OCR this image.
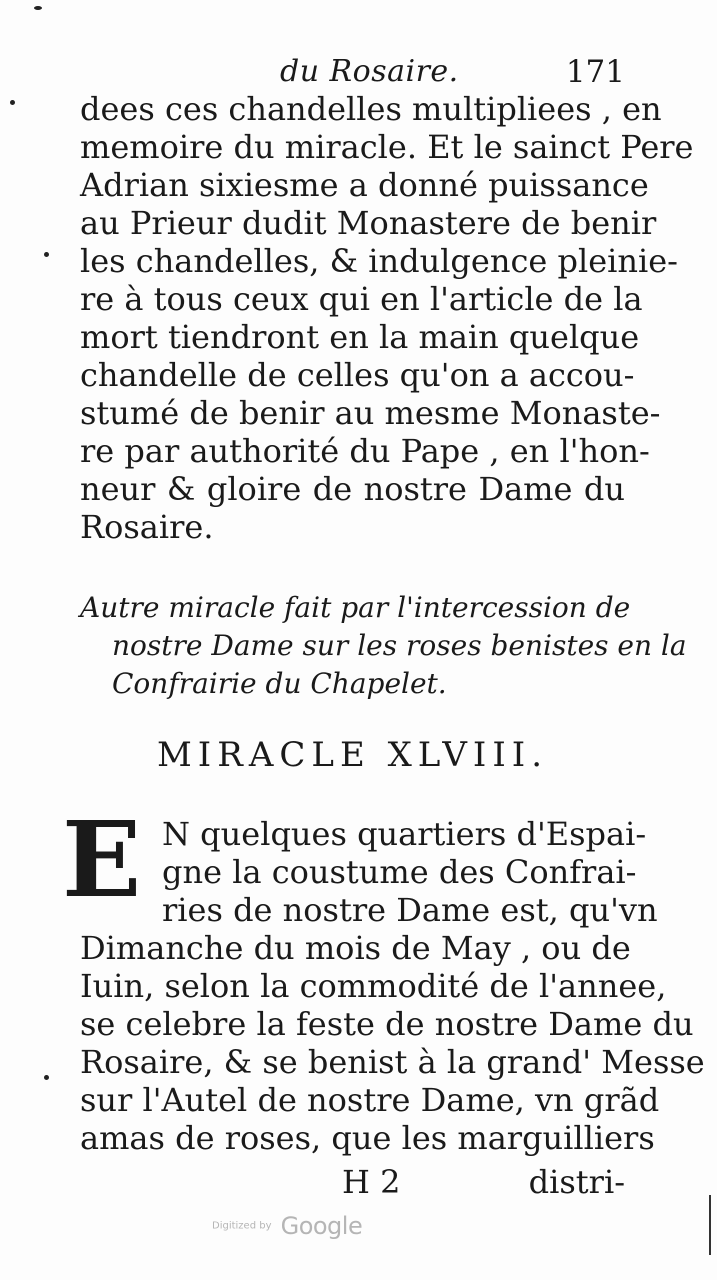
du Rosaire.	171
dees ces chandelles multipliees , en
memoire du miracle. Et le sainct Pere
Adrian sixiesme a donné puissance
au Prieur dudit Monastere de benir
les chandelles, & indulgence pleinie-
re à tous ceux qui en l'article de la
mort tiendront en la main quelque
chandelle de celles qu'on a accou-
stumé de benir au mesme Monaste-
re par authorité du Pape , en l'hon-
neur & gloire de nostre Dame du
Rosaire.
Autre miracle fait par l'intercession de
nostre Dame sur les roses benistes en la
Confrairie du Chapelet.
MIRACLE XLVIII.
E N quelques quartiers d'Espai-
gne la coustume des Confrai-
ries de nostre Dame est, qu'vn
Dimanche du mois de May , ou de
Iuin, selon la commodité de l'annee,
se celebre la feste de nostre Dame du
Rosaire, & se benist à la grand' Messe
sur l'Autel de nostre Dame, vn grãd
amas de roses, que les marguilliers
H 2	distri-
Digitized by Google
